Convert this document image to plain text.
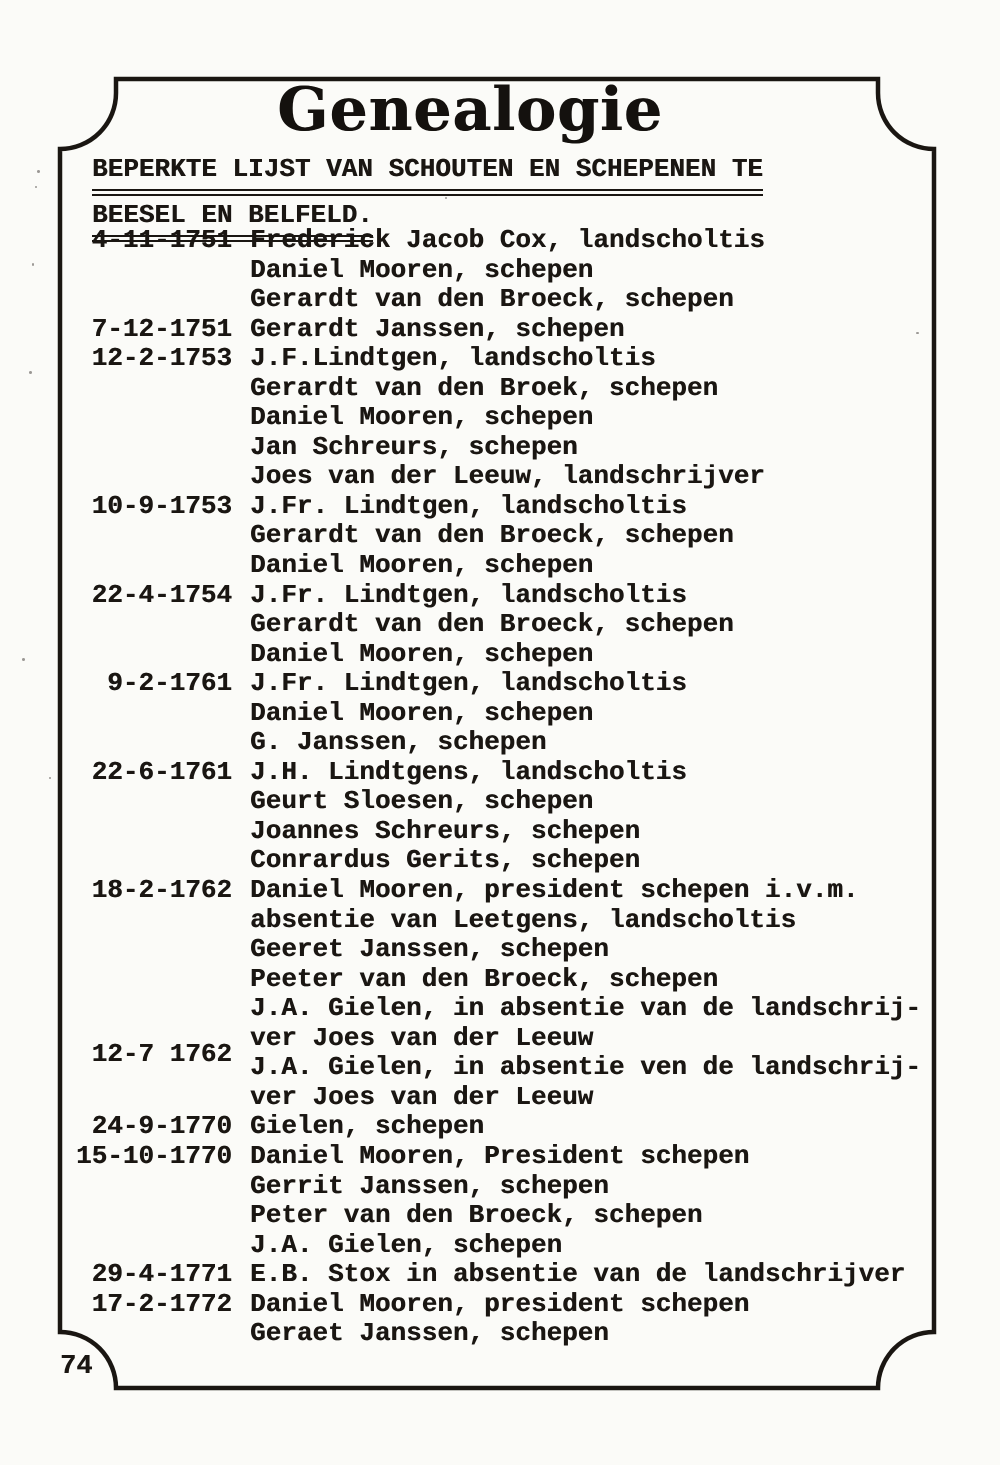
Genealogie
BEPERKTE LIJST VAN SCHOUTEN EN SCHEPENEN TE
BEESEL EN BELFELD.
4-11-1751 Frederick Jacob Cox, landscholtis
Daniel Mooren, schepen
Gerardt van den Broeck, schepen
7-12-1751 Gerardt Janssen, schepen
12-2-1753 J.F.Lindtgen, landscholtis
Gerardt van den Broek, schepen
Daniel Mooren, schepen
Jan Schreurs, schepen
Joes van der Leeuw, landschrijver
10-9-1753 J.Fr. Lindtgen, landscholtis
Gerardt van den Broeck, schepen
Daniel Mooren, schepen
22-4-1754 J.Fr. Lindtgen, landscholtis
Gerardt van den Broeck, schepen
Daniel Mooren, schepen
9-2-1761 J.Fr. Lindtgen, landscholtis
Daniel Mooren, schepen
G. Janssen, schepen
22-6-1761 J.H. Lindtgens, landscholtis
Geurt Sloesen, schepen
Joannes Schreurs, schepen
Conrardus Gerits, schepen
18-2-1762 Daniel Mooren, president schepen i.v.m.
absentie van Leetgens, landscholtis
Geeret Janssen, schepen
Peeter van den Broeck, schepen
J.A. Gielen, in absentie van de landschrij-
ver Joes van der Leeuw
12-7 1762 J.A. Gielen, in absentie ven de landschrij-
ver Joes van der Leeuw
24-9-1770 Gielen, schepen
15-10-1770 Daniel Mooren, President schepen
Gerrit Janssen, schepen
Peter van den Broeck, schepen
J.A. Gielen, schepen
29-4-1771 E.B. Stox in absentie van de landschrijver
17-2-1772 Daniel Mooren, president schepen
Geraet Janssen, schepen
74
